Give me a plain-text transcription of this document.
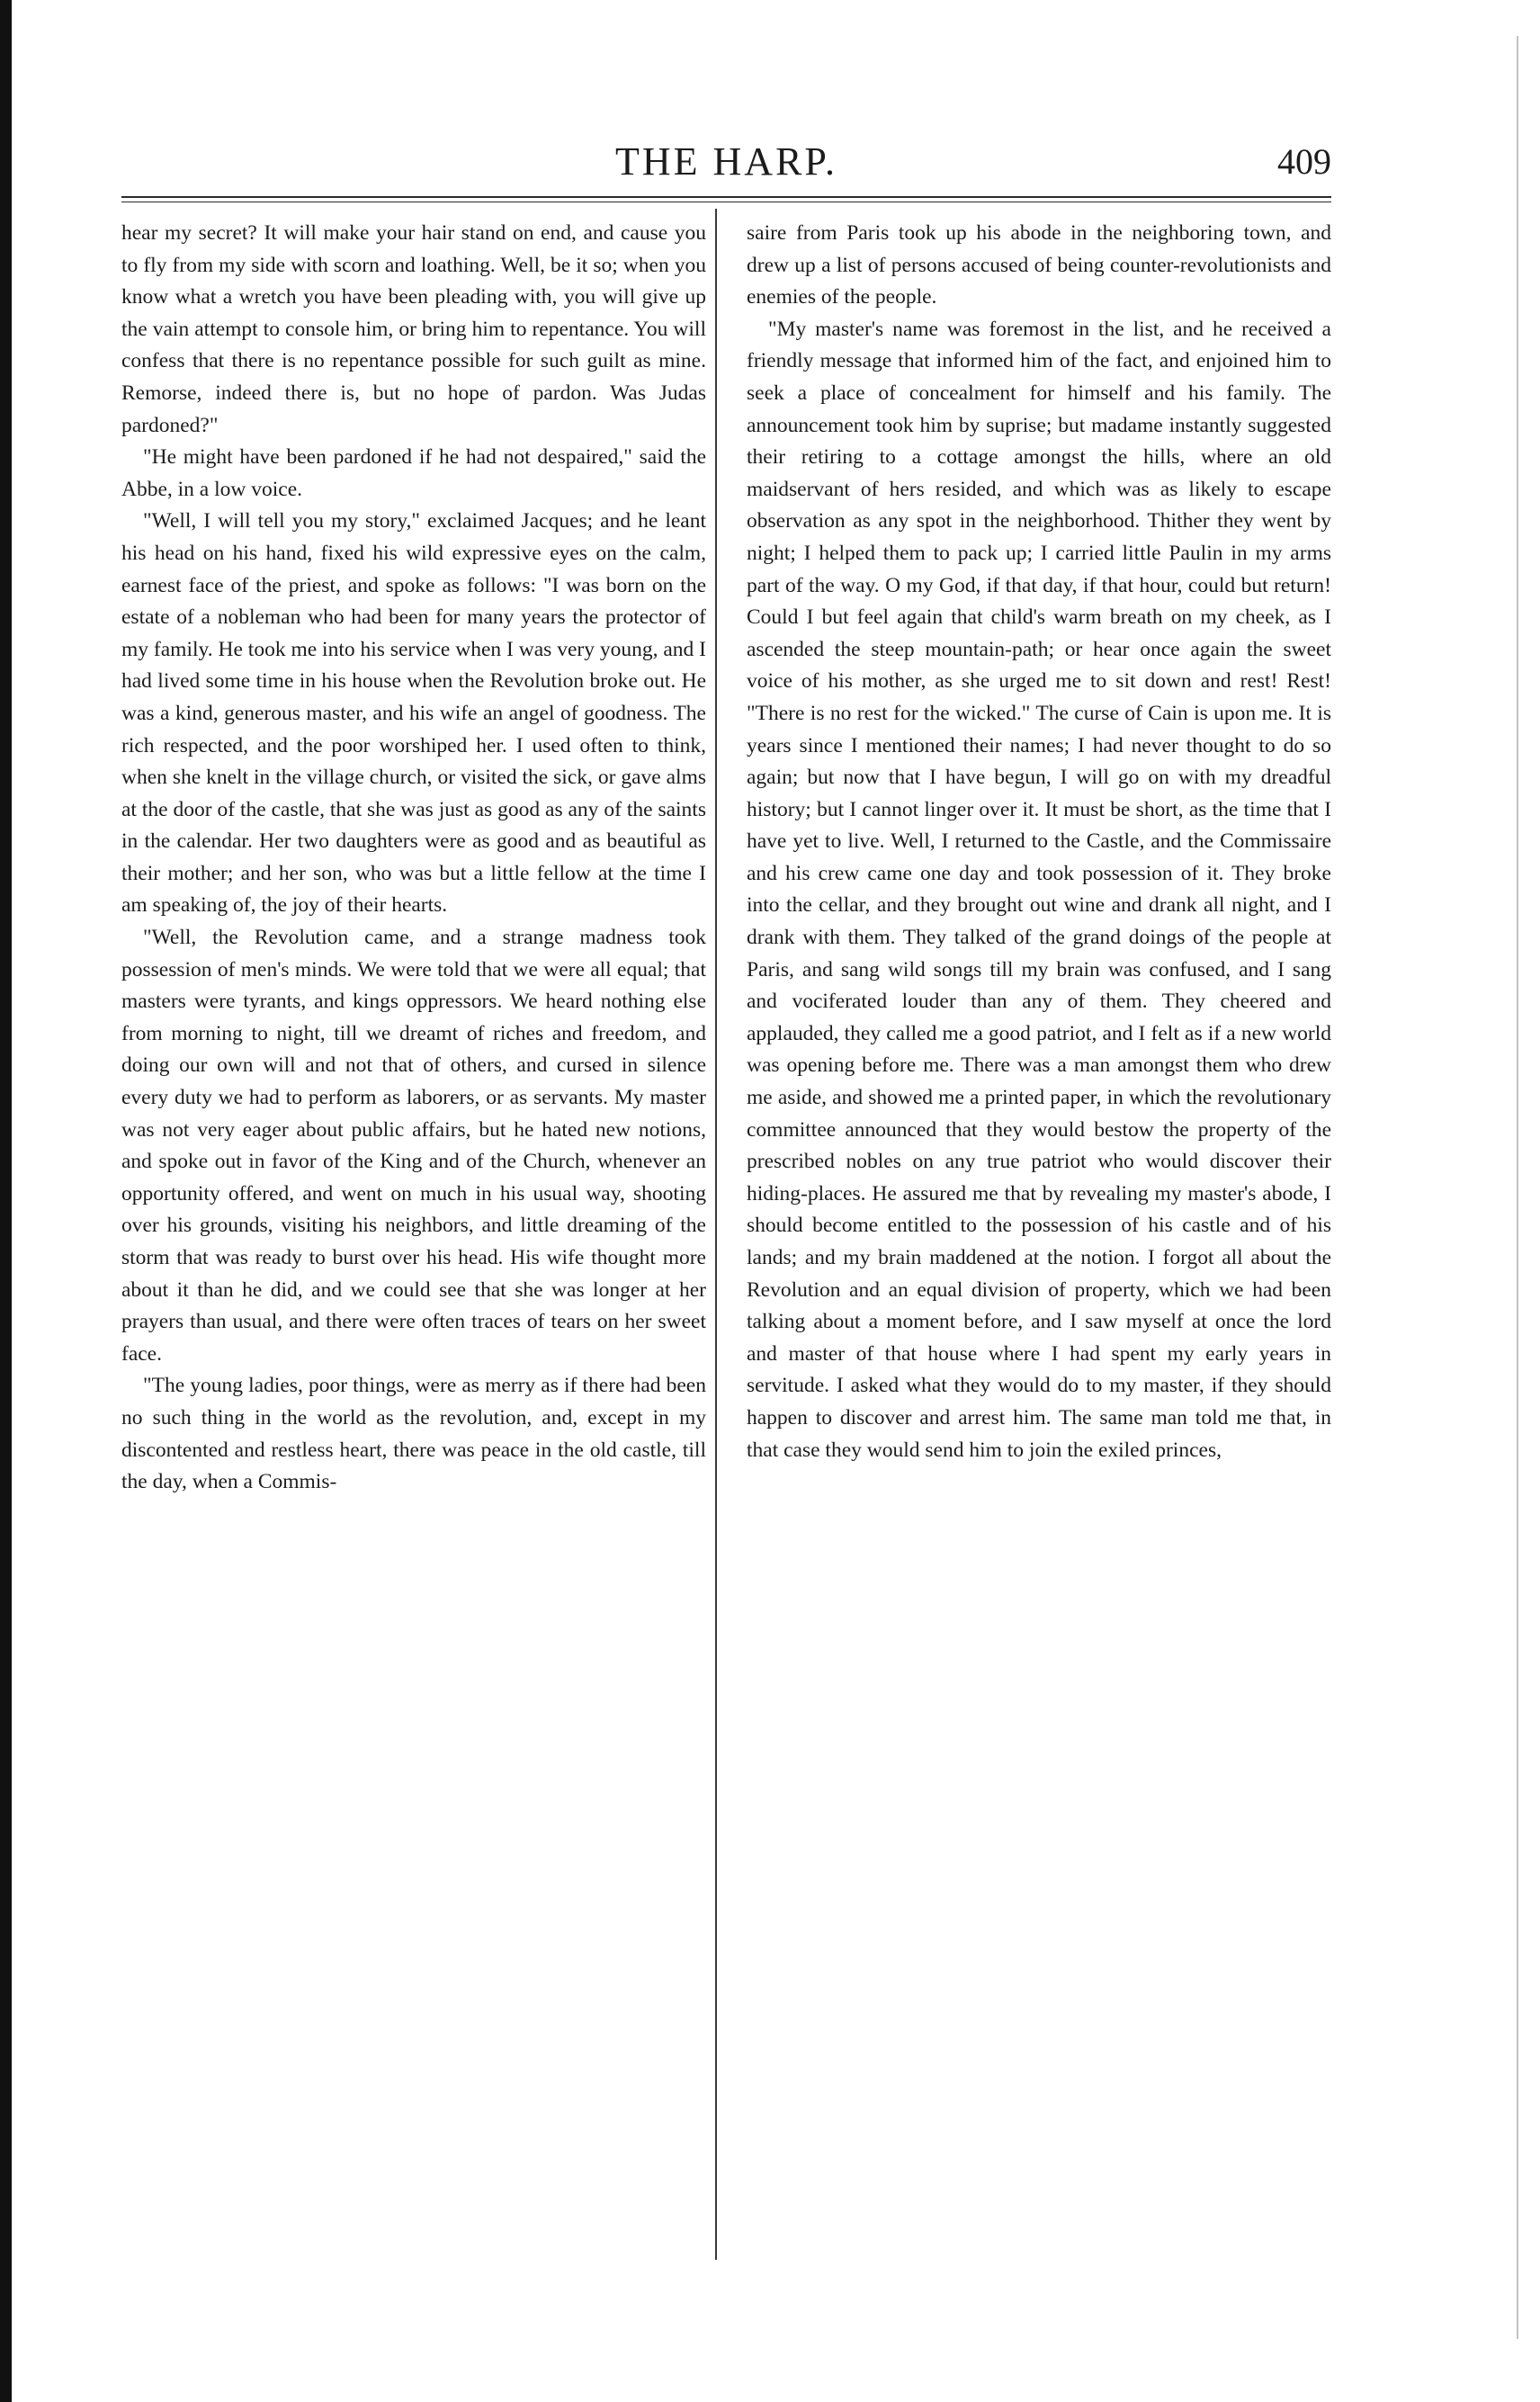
THE HARP.	409

hear my secret? It will make your hair stand on end, and cause you to fly from my side with scorn and loathing. Well, be it so; when you know what a wretch you have been pleading with, you will give up the vain attempt to console him, or bring him to repentance. You will confess that there is no repentance possible for such guilt as mine. Remorse, indeed there is, but no hope of pardon. Was Judas pardoned?"

"He might have been pardoned if he had not despaired," said the Abbe, in a low voice.

"Well, I will tell you my story," exclaimed Jacques; and he leant his head on his hand, fixed his wild expressive eyes on the calm, earnest face of the priest, and spoke as follows: "I was born on the estate of a nobleman who had been for many years the protector of my family. He took me into his service when I was very young, and I had lived some time in his house when the Revolution broke out. He was a kind, generous master, and his wife an angel of goodness. The rich respected, and the poor worshiped her. I used often to think, when she knelt in the village church, or visited the sick, or gave alms at the door of the castle, that she was just as good as any of the saints in the calendar. Her two daughters were as good and as beautiful as their mother; and her son, who was but a little fellow at the time I am speaking of, the joy of their hearts.

"Well, the Revolution came, and a strange madness took possession of men's minds. We were told that we were all equal; that masters were tyrants, and kings oppressors. We heard nothing else from morning to night, till we dreamt of riches and freedom, and doing our own will and not that of others, and cursed in silence every duty we had to perform as laborers, or as servants. My master was not very eager about public affairs, but he hated new notions, and spoke out in favor of the King and of the Church, whenever an opportunity offered, and went on much in his usual way, shooting over his grounds, visiting his neighbors, and little dreaming of the storm that was ready to burst over his head. His wife thought more about it than he did, and we could see that she was longer at her prayers than usual, and there were often traces of tears on her sweet face.

"The young ladies, poor things, were as merry as if there had been no such thing in the world as the revolution, and, except in my discontented and restless heart, there was peace in the old castle, till the day, when a Commis-

saire from Paris took up his abode in the neighboring town, and drew up a list of persons accused of being counter-revolutionists and enemies of the people.

"My master's name was foremost in the list, and he received a friendly message that informed him of the fact, and enjoined him to seek a place of concealment for himself and his family. The announcement took him by suprise; but madame instantly suggested their retiring to a cottage amongst the hills, where an old maidservant of hers resided, and which was as likely to escape observation as any spot in the neighborhood. Thither they went by night; I helped them to pack up; I carried little Paulin in my arms part of the way. O my God, if that day, if that hour, could but return! Could I but feel again that child's warm breath on my cheek, as I ascended the steep mountain-path; or hear once again the sweet voice of his mother, as she urged me to sit down and rest! Rest! "There is no rest for the wicked." The curse of Cain is upon me. It is years since I mentioned their names; I had never thought to do so again; but now that I have begun, I will go on with my dreadful history; but I cannot linger over it. It must be short, as the time that I have yet to live. Well, I returned to the Castle, and the Commissaire and his crew came one day and took possession of it. They broke into the cellar, and they brought out wine and drank all night, and I drank with them. They talked of the grand doings of the people at Paris, and sang wild songs till my brain was confused, and I sang and vociferated louder than any of them. They cheered and applauded, they called me a good patriot, and I felt as if a new world was opening before me. There was a man amongst them who drew me aside, and showed me a printed paper, in which the revolutionary committee announced that they would bestow the property of the prescribed nobles on any true patriot who would discover their hiding-places. He assured me that by revealing my master's abode, I should become entitled to the possession of his castle and of his lands; and my brain maddened at the notion. I forgot all about the Revolution and an equal division of property, which we had been talking about a moment before, and I saw myself at once the lord and master of that house where I had spent my early years in servitude. I asked what they would do to my master, if they should happen to discover and arrest him. The same man told me that, in that case they would send him to join the exiled princes,
